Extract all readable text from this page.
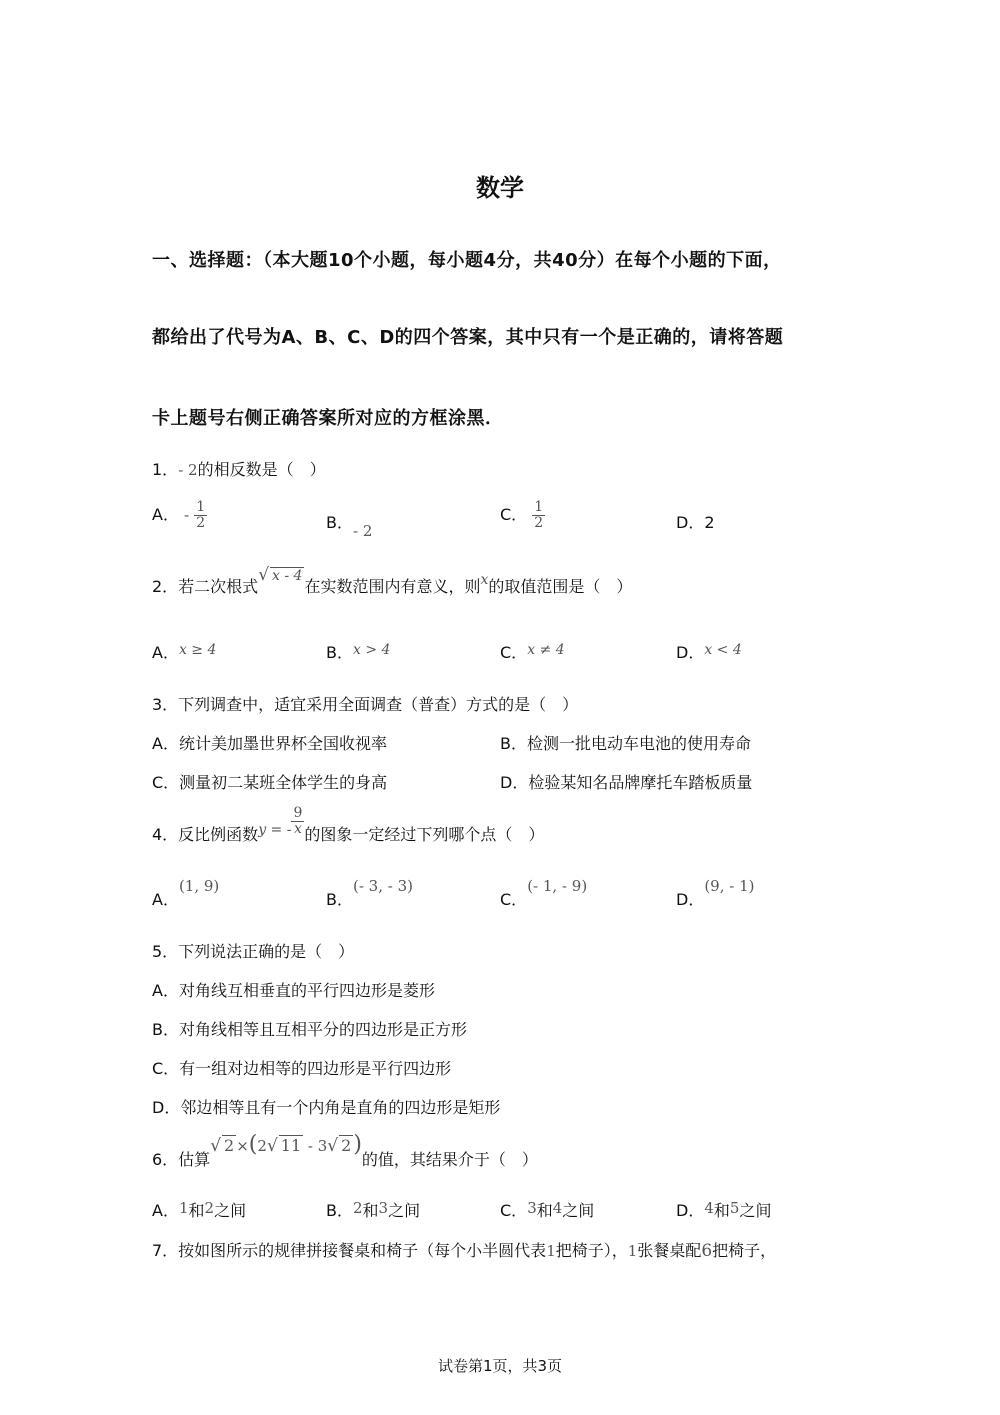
数学
一、选择题：（本大题10个小题，每小题4分，共40分）在每个小题的下面，
都给出了代号为A、B、C、D的四个答案，其中只有一个是正确的，请将答题
卡上题号右侧正确答案所对应的方框涂黑．
1．- 2的相反数是（　）
A． - $\frac{1}{2}$	B．- 2
C． $\frac{1}{2}$	D．2
2．若二次根式√ x - 4在实数范围内有意义，则x的取值范围是（　）
A．x ≥ 4	B．x > 4	C．x ≠ 4	D．x < 4
3．下列调查中，适宜采用全面调查（普查）方式的是（　）
A．统计美加墨世界杯全国收视率	B．检测一批电动车电池的使用寿命
C．测量初二某班全体学生的身高	D．检验某知名品牌摩托车踏板质量
4．反比例函数y = - $\frac{9}{x}$ 的图象一定经过下列哪个点（　）
A．(1, 9)
B．(- 3, - 3)
C．(- 1, - 9)
D．(9, - 1)
5．下列说法正确的是（　）
A．对角线互相垂直的平行四边形是菱形
B．对角线相等且互相平分的四边形是正方形
C．有一组对边相等的四边形是平行四边形
D．邻边相等且有一个内角是直角的四边形是矩形
6．估算√ 2 ×(2√ 11 - 3√ 2)的值，其结果介于（　）
A．1和2之间	B．2和3之间	C．3和4之间	D．4和5之间
7．按如图所示的规律拼接餐桌和椅子（每个小半圆代表1把椅子），1张餐桌配6把椅子，
试卷第1页，共3页
